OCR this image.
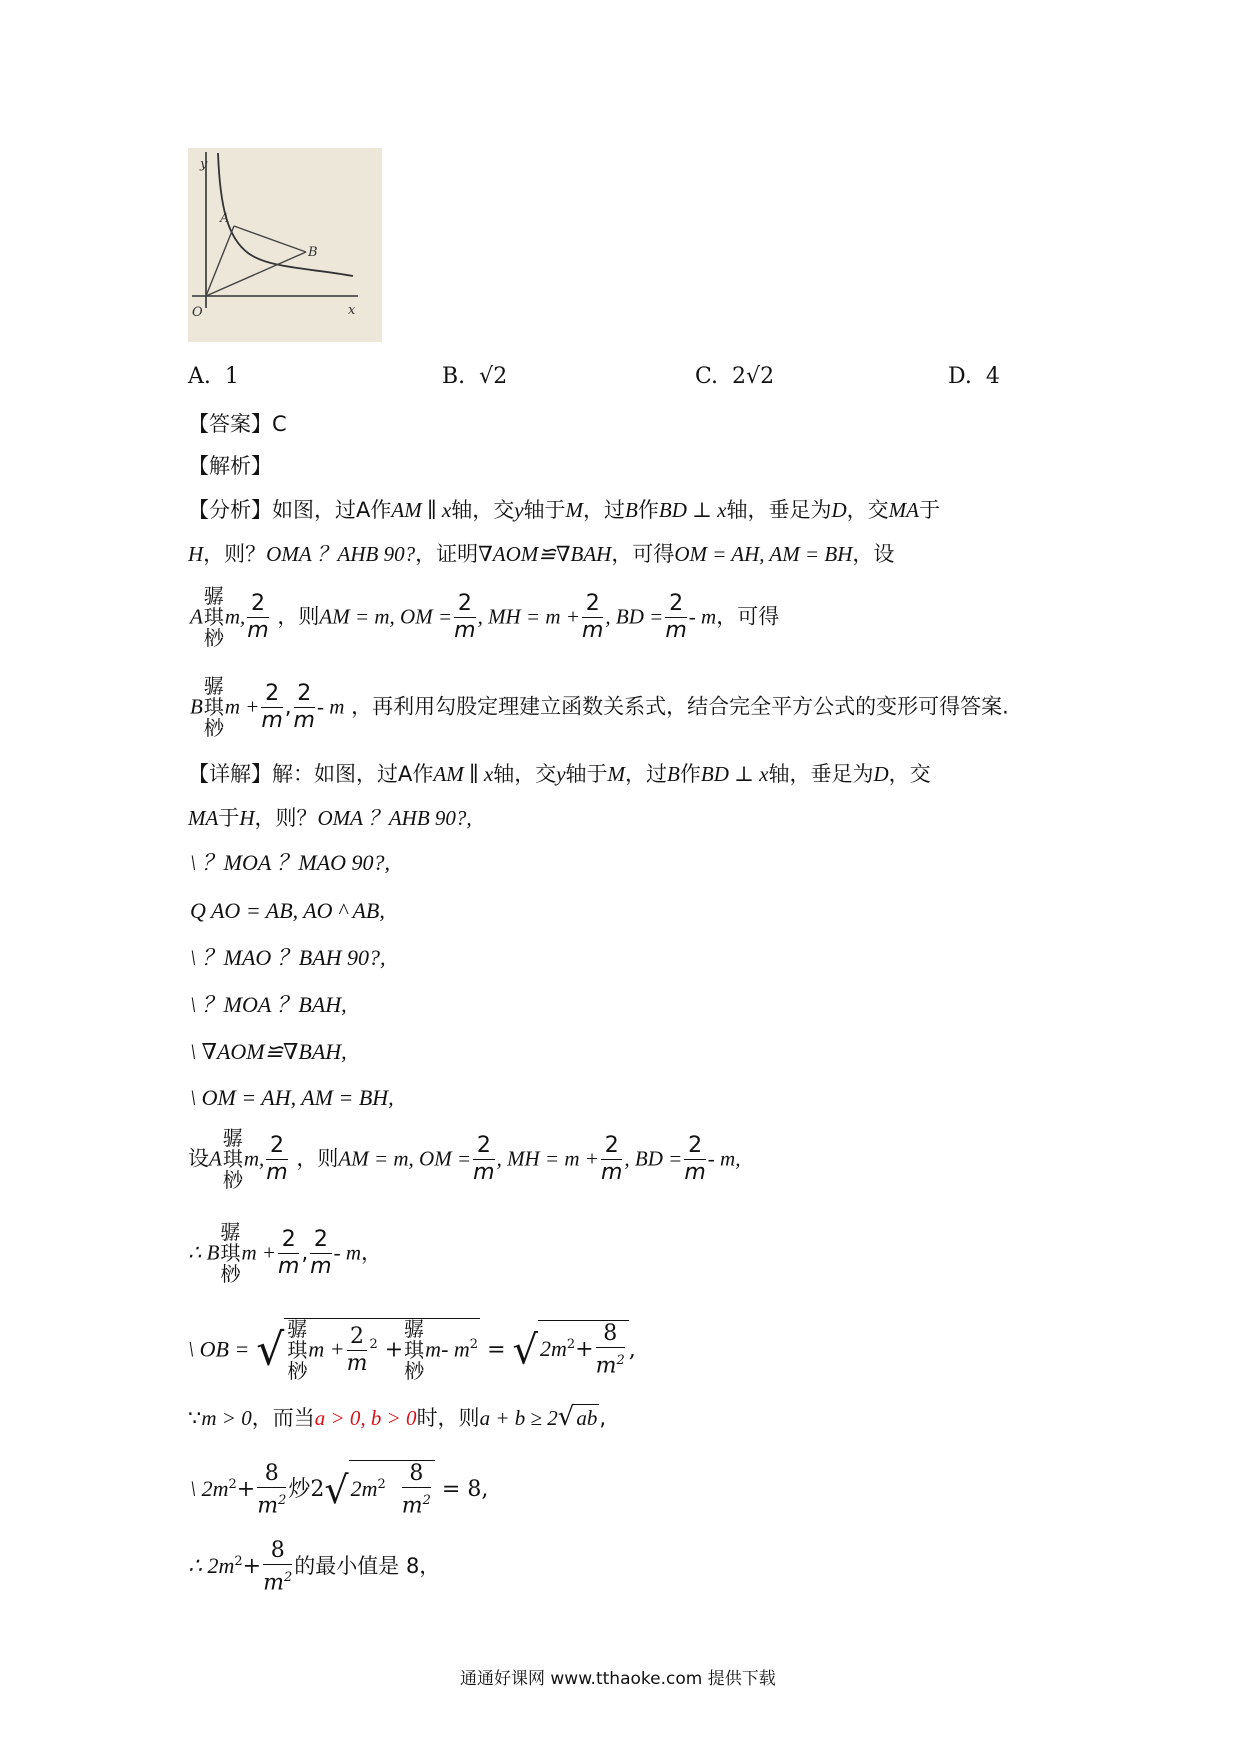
y
A
B
O	x
A. 1	B. √2	C. 2√2	D. 4
【答案】C
【解析】
【分析】如图，过A作AM ∥ x轴，交y轴于M，过B作BD ⊥ x轴，垂足为D，交MA于
H，则？OMA ？AHB 90?，证明∇AOM≌∇BAH，可得OM = AH, AM = BH，设
A骣
琪
桫m, $\frac{2}{m}$ ，则AM = m, OM = $\frac{2}{m}$ , MH = $m + \frac{2}{m}$ , BD = $\frac{2}{m}$ - m，可得
B骣
琪
桫$m + \frac{2}{m}$ , $\frac{2}{m}$ - m ，再利用勾股定理建立函数关系式，结合完全平方公式的变形可得答案.
【详解】解：如图，过A作AM ∥ x轴，交y轴于M，过B作BD ⊥ x轴，垂足为D，交
MA于H，则？OMA ？AHB 90?,
\ ？MOA ？MAO 90?,
Q AO = AB, AO ^ AB,
\ ？MAO ？BAH 90?,
\ ？MOA ？BAH,
\ ∇AOM≌∇BAH,
\ OM = AH, AM = BH,
设A骣
琪
桫m, $\frac{2}{m}$ ，则AM = m, OM = $\frac{2}{m}$ , MH = $m + \frac{2}{m}$ , BD = $\frac{2}{m}$ - m,
∴ B骣
琪
桫$m + \frac{2}{m}$ , $\frac{2}{m}$ - m，
\ OB = √ 骣
琪
桫$m + \frac{2}{m} ^2$ +骣
琪
桫m- $m^2 = √2m^2+ \frac{8}{m^2}$ ,
∵m > 0，而当a > 0, b > 0时，则a + b ≥ 2√ab,
\ $2m^2+ \frac{8}{m^2}$ 炒$2√2m^2 \frac{8}{m^2} = 8$,
∴ $2m^2+ \frac{8}{m^2}$ 的最小值是 8，
通通好课网 www.tthaoke.com 提供下载
